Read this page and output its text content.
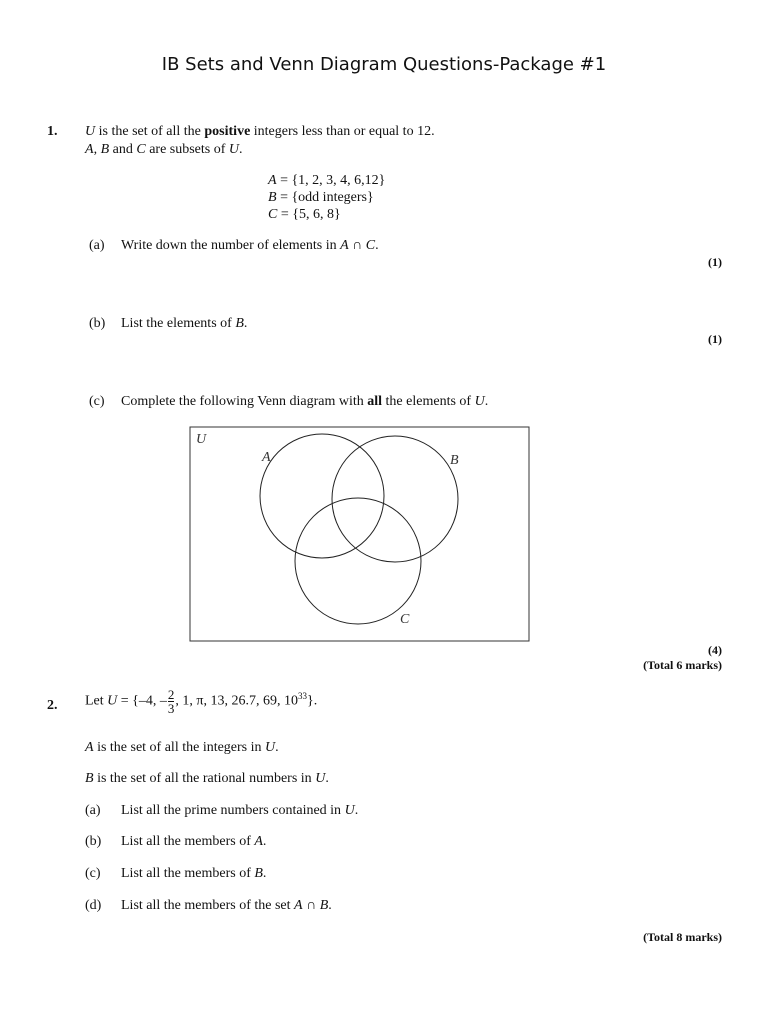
IB Sets and Venn Diagram Questions-Package #1
1. U is the set of all the positive integers less than or equal to 12.
A, B and C are subsets of U.
A = {1, 2, 3, 4, 6,12}
B = {odd integers}
C = {5, 6, 8}
(a) Write down the number of elements in A ∩ C.
(1)
(b) List the elements of B.
(1)
(c) Complete the following Venn diagram with all the elements of U.
U
A	B
C
(4)
(Total 6 marks)
2. Let U = {–4, – $\frac{2}{3}$ , 1, π, 13, 26.7, 69, $10^{33}$}.
A is the set of all the integers in U.
B is the set of all the rational numbers in U.
(a) List all the prime numbers contained in U.
(b) List all the members of A.
(c) List all the members of B.
(d) List all the members of the set A ∩ B.
(Total 8 marks)
